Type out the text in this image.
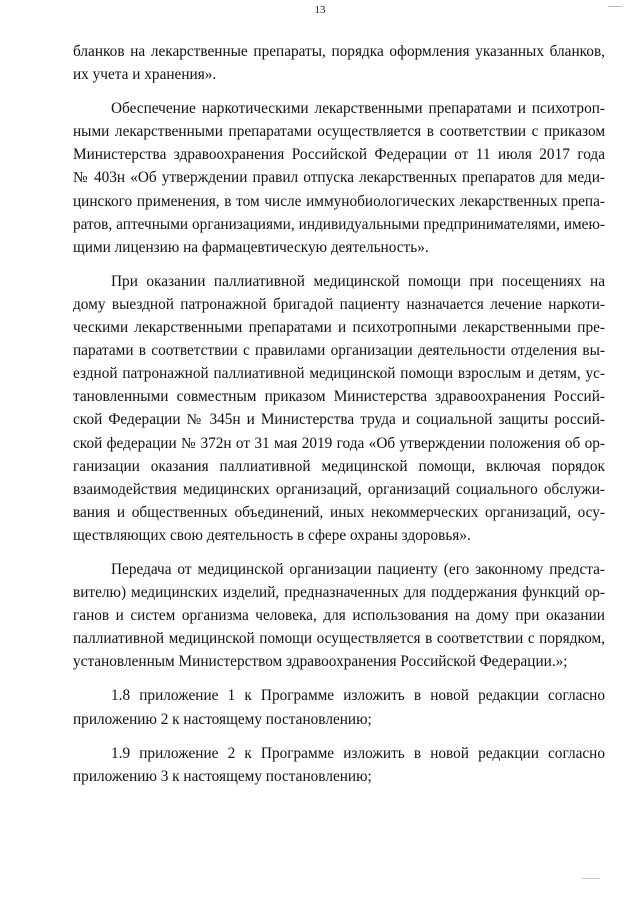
13
бланков на лекарственные препараты, порядка оформления указанных бланков,
их учета и хранения».
Обеспечение наркотическими лекарственными препаратами и психотроп-
ными лекарственными препаратами осуществляется в соответствии с приказом
Министерства здравоохранения Российской Федерации от 11 июля 2017 года
№ 403н «Об утверждении правил отпуска лекарственных препаратов для меди-
цинского применения, в том числе иммунобиологических лекарственных препа-
ратов, аптечными организациями, индивидуальными предпринимателями, имею-
щими лицензию на фармацевтическую деятельность».
При оказании паллиативной медицинской помощи при посещениях на
дому выездной патронажной бригадой пациенту назначается лечение наркоти-
ческими лекарственными препаратами и психотропными лекарственными пре-
паратами в соответствии с правилами организации деятельности отделения вы-
ездной патронажной паллиативной медицинской помощи взрослым и детям, ус-
тановленными совместным приказом Министерства здравоохранения Россий-
ской Федерации № 345н и Министерства труда и социальной защиты россий-
ской федерации № 372н от 31 мая 2019 года «Об утверждении положения об ор-
ганизации оказания паллиативной медицинской помощи, включая порядок
взаимодействия медицинских организаций, организаций социального обслужи-
вания и общественных объединений, иных некоммерческих организаций, осу-
ществляющих свою деятельность в сфере охраны здоровья».
Передача от медицинской организации пациенту (его законному предста-
вителю) медицинских изделий, предназначенных для поддержания функций ор-
ганов и систем организма человека, для использования на дому при оказании
паллиативной медицинской помощи осуществляется в соответствии с порядком,
установленным Министерством здравоохранения Российской Федерации.»;
1.8 приложение 1 к Программе изложить в новой редакции согласно
приложению 2 к настоящему постановлению;
1.9 приложение 2 к Программе изложить в новой редакции согласно
приложению 3 к настоящему постановлению;
